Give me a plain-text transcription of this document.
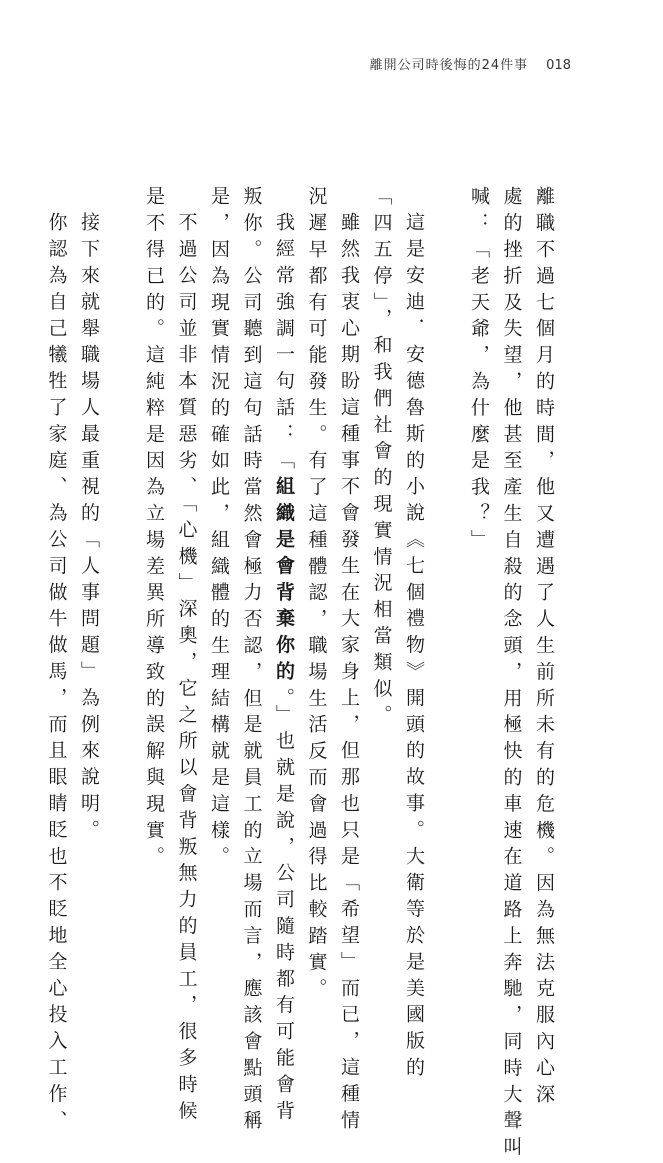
離開公司時後悔的24件事 018
離職不過七個月的時間，他又遭遇了人生前所未有的危機。因為無法克服內心深
處的挫折及失望，他甚至產生自殺的念頭，用極快的車速在道路上奔馳，同時大聲叫
喊：「老天爺，為什麼是我？」
這是安迪．安德魯斯的小說《七個禮物》開頭的故事。大衛等於是美國版的
「四五停」，和我們社會的現實情況相當類似。
雖然我衷心期盼這種事不會發生在大家身上，但那也只是「希望」而已，這種情
況遲早都有可能發生。有了這種體認，職場生活反而會過得比較踏實。
我經常強調一句話：「組織是會背棄你的。」也就是說，公司隨時都有可能會背
叛你。公司聽到這句話時當然會極力否認，但是就員工的立場而言，應該會點頭稱
是，因為現實情況的確如此，組織體的生理結構就是這樣。
不過公司並非本質惡劣、「心機」深奧，它之所以會背叛無力的員工，很多時候
是不得已的。這純粹是因為立場差異所導致的誤解與現實。
接下來就舉職場人最重視的「人事問題」為例來說明。
你認為自己犧牲了家庭、為公司做牛做馬，而且眼睛眨也不眨地全心投入工作、
